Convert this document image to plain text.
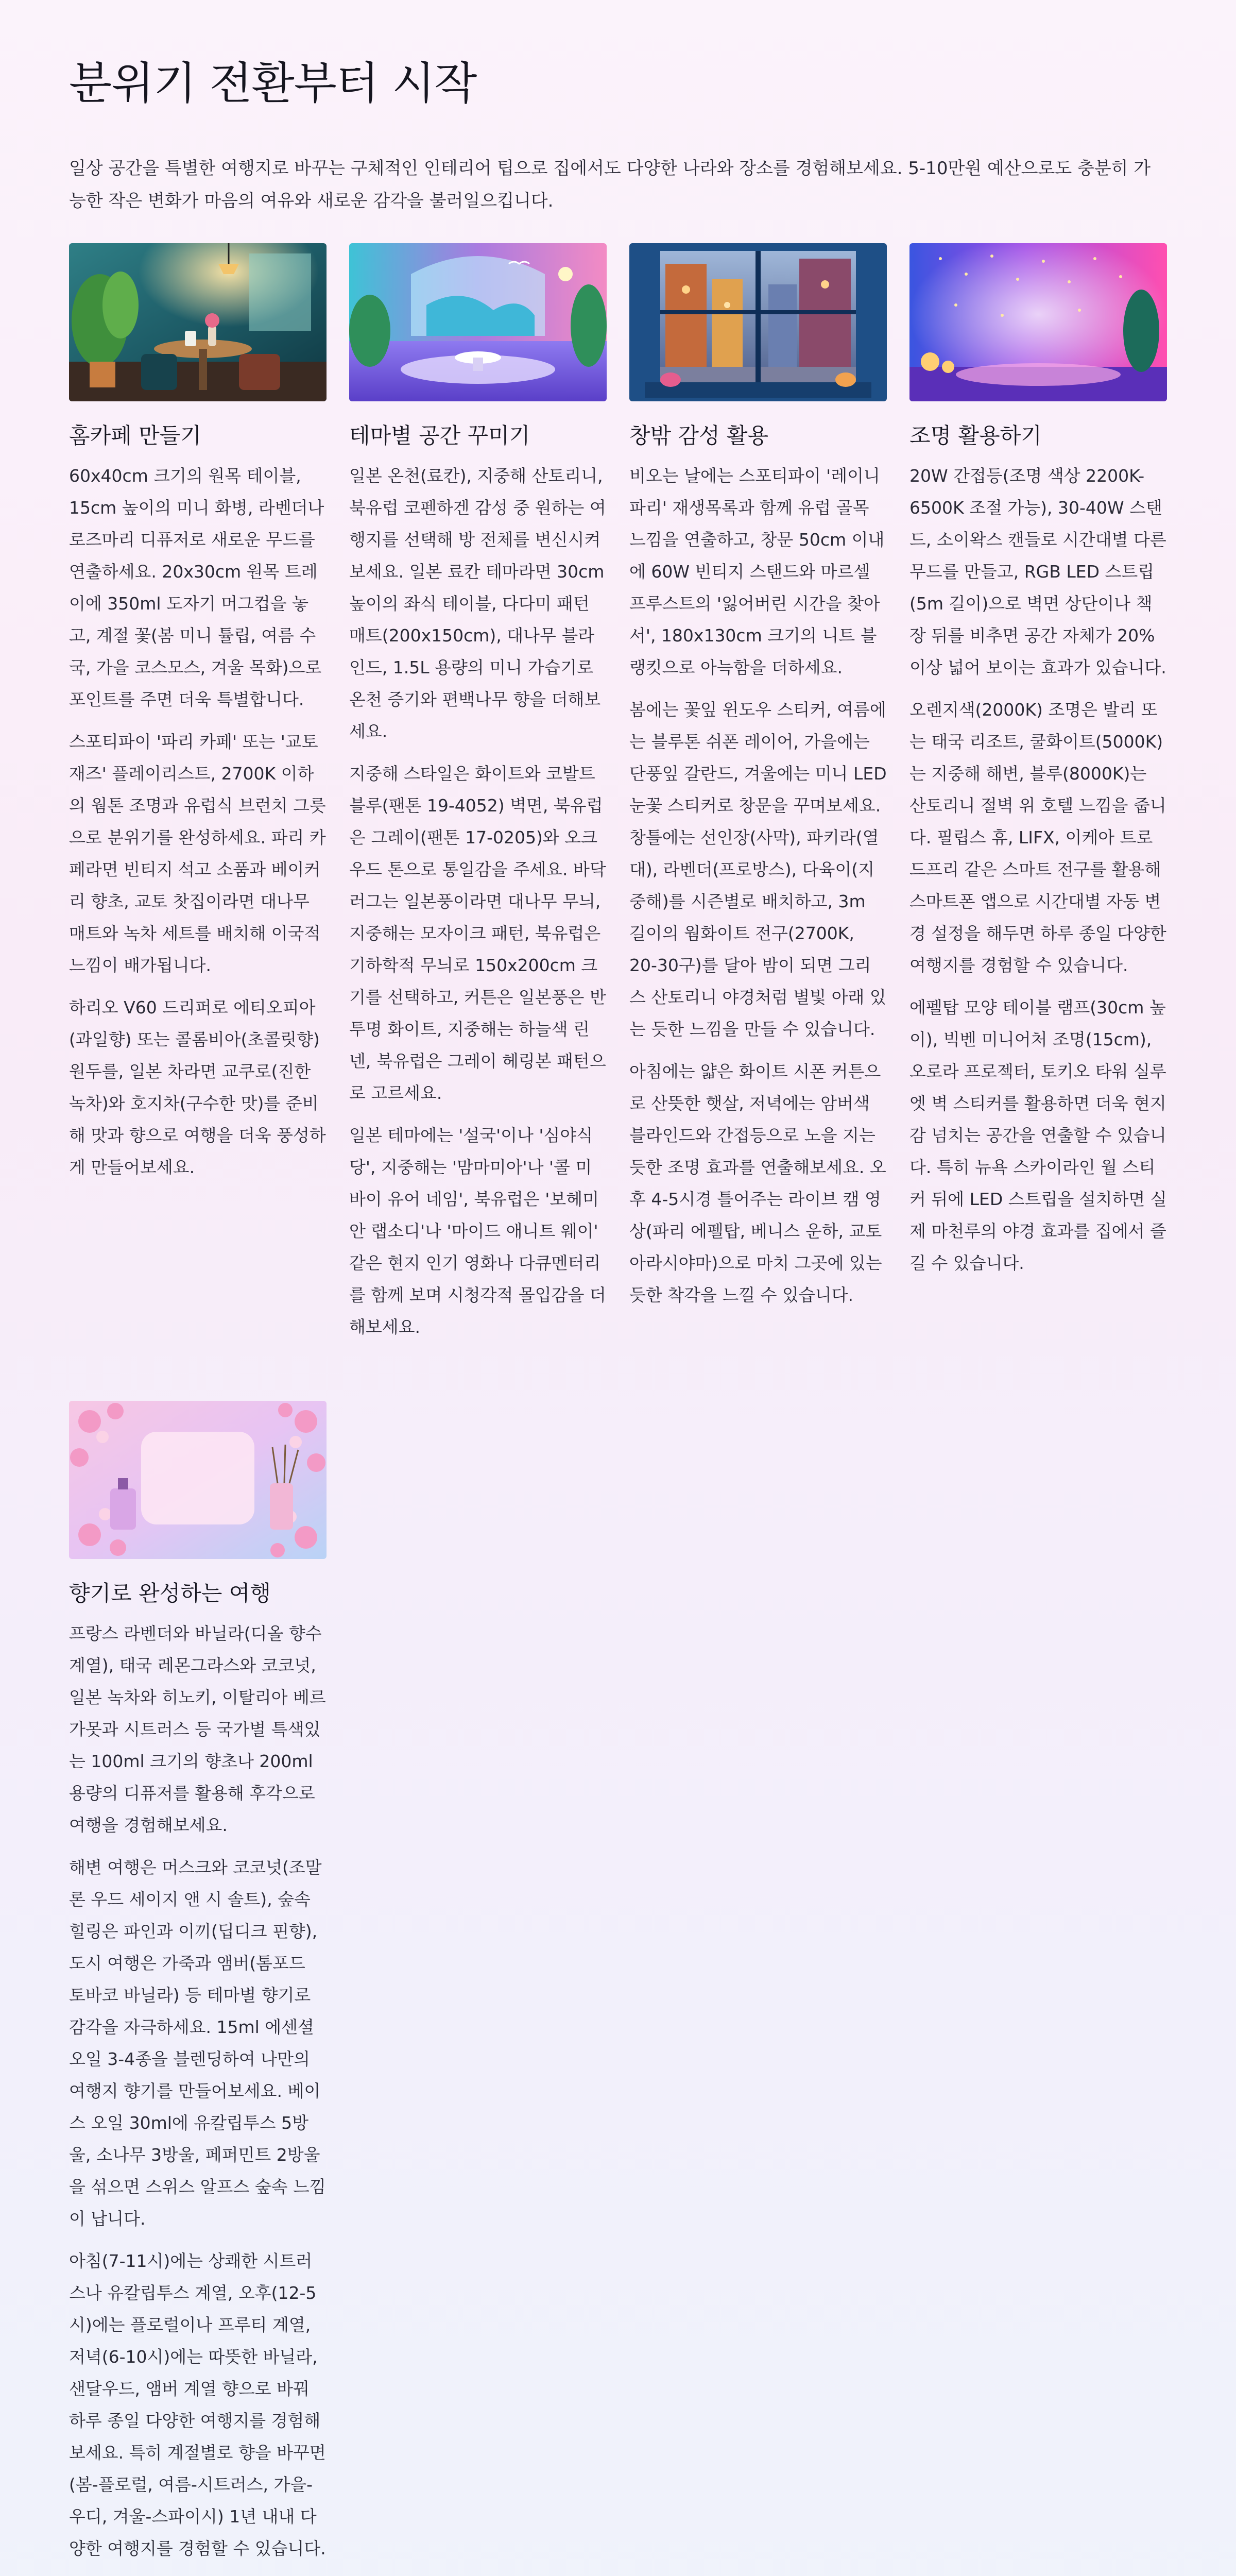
분위기 전환부터 시작

일상 공간을 특별한 여행지로 바꾸는 구체적인 인테리어 팁으로 집에서도 다양한 나라와 장소를 경험해보세요. 5-10만원 예산으로도 충분히 가능한 작은 변화가 마음의 여유와 새로운 감각을 불러일으킵니다.

홈카페 만들기

60x40cm 크기의 원목 테이블, 15cm 높이의 미니 화병, 라벤더나 로즈마리 디퓨저로 새로운 무드를 연출하세요. 20x30cm 원목 트레이에 350ml 도자기 머그컵을 놓고, 계절 꽃(봄 미니 튤립, 여름 수국, 가을 코스모스, 겨울 목화)으로 포인트를 주면 더욱 특별합니다.

스포티파이 '파리 카페' 또는 '교토 재즈' 플레이리스트, 2700K 이하의 웜톤 조명과 유럽식 브런치 그릇으로 분위기를 완성하세요. 파리 카페라면 빈티지 석고 소품과 베이커리 향초, 교토 찻집이라면 대나무 매트와 녹차 세트를 배치해 이국적 느낌이 배가됩니다.

하리오 V60 드리퍼로 에티오피아(과일향) 또는 콜롬비아(초콜릿향) 원두를, 일본 차라면 교쿠로(진한 녹차)와 호지차(구수한 맛)를 준비해 맛과 향으로 여행을 더욱 풍성하게 만들어보세요.

테마별 공간 꾸미기

일본 온천(료칸), 지중해 산토리니, 북유럽 코펜하겐 감성 중 원하는 여행지를 선택해 방 전체를 변신시켜보세요. 일본 료칸 테마라면 30cm 높이의 좌식 테이블, 다다미 패턴 매트(200x150cm), 대나무 블라인드, 1.5L 용량의 미니 가습기로 온천 증기와 편백나무 향을 더해보세요.

지중해 스타일은 화이트와 코발트 블루(팬톤 19-4052) 벽면, 북유럽은 그레이(팬톤 17-0205)와 오크 우드 톤으로 통일감을 주세요. 바닥 러그는 일본풍이라면 대나무 무늬, 지중해는 모자이크 패턴, 북유럽은 기하학적 무늬로 150x200cm 크기를 선택하고, 커튼은 일본풍은 반투명 화이트, 지중해는 하늘색 린넨, 북유럽은 그레이 헤링본 패턴으로 고르세요.

일본 테마에는 '설국'이나 '심야식당', 지중해는 '맘마미아'나 '콜 미 바이 유어 네임', 북유럽은 '보헤미안 랩소디'나 '마이드 애니트 웨이' 같은 현지 인기 영화나 다큐멘터리를 함께 보며 시청각적 몰입감을 더해보세요.

창밖 감성 활용

비오는 날에는 스포티파이 '레이니 파리' 재생목록과 함께 유럽 골목 느낌을 연출하고, 창문 50cm 이내에 60W 빈티지 스탠드와 마르셀 프루스트의 '잃어버린 시간을 찾아서', 180x130cm 크기의 니트 블랭킷으로 아늑함을 더하세요.

봄에는 꽃잎 윈도우 스티커, 여름에는 블루톤 쉬폰 레이어, 가을에는 단풍잎 갈란드, 겨울에는 미니 LED 눈꽃 스티커로 창문을 꾸며보세요. 창틀에는 선인장(사막), 파키라(열대), 라벤더(프로방스), 다육이(지중해)를 시즌별로 배치하고, 3m 길이의 웜화이트 전구(2700K, 20-30구)를 달아 밤이 되면 그리스 산토리니 야경처럼 별빛 아래 있는 듯한 느낌을 만들 수 있습니다.

아침에는 얇은 화이트 시폰 커튼으로 산뜻한 햇살, 저녁에는 암버색 블라인드와 간접등으로 노을 지는 듯한 조명 효과를 연출해보세요. 오후 4-5시경 틀어주는 라이브 캠 영상(파리 에펠탑, 베니스 운하, 교토 아라시야마)으로 마치 그곳에 있는 듯한 착각을 느낄 수 있습니다.

조명 활용하기

20W 간접등(조명 색상 2200K-6500K 조절 가능), 30-40W 스탠드, 소이왁스 캔들로 시간대별 다른 무드를 만들고, RGB LED 스트립(5m 길이)으로 벽면 상단이나 책장 뒤를 비추면 공간 자체가 20% 이상 넓어 보이는 효과가 있습니다.

오렌지색(2000K) 조명은 발리 또는 태국 리조트, 쿨화이트(5000K)는 지중해 해변, 블루(8000K)는 산토리니 절벽 위 호텔 느낌을 줍니다. 필립스 휴, LIFX, 이케아 트로드프리 같은 스마트 전구를 활용해 스마트폰 앱으로 시간대별 자동 변경 설정을 해두면 하루 종일 다양한 여행지를 경험할 수 있습니다.

에펠탑 모양 테이블 램프(30cm 높이), 빅벤 미니어처 조명(15cm), 오로라 프로젝터, 토키오 타워 실루엣 벽 스티커를 활용하면 더욱 현지감 넘치는 공간을 연출할 수 있습니다. 특히 뉴욕 스카이라인 월 스티커 뒤에 LED 스트립을 설치하면 실제 마천루의 야경 효과를 집에서 즐길 수 있습니다.

향기로 완성하는 여행

프랑스 라벤더와 바닐라(디올 향수 계열), 태국 레몬그라스와 코코넛, 일본 녹차와 히노키, 이탈리아 베르가못과 시트러스 등 국가별 특색있는 100ml 크기의 향초나 200ml 용량의 디퓨저를 활용해 후각으로 여행을 경험해보세요.

해변 여행은 머스크와 코코넛(조말론 우드 세이지 앤 시 솔트), 숲속 힐링은 파인과 이끼(딥디크 핀향), 도시 여행은 가죽과 앰버(톰포드 토바코 바닐라) 등 테마별 향기로 감각을 자극하세요. 15ml 에센셜 오일 3-4종을 블렌딩하여 나만의 여행지 향기를 만들어보세요. 베이스 오일 30ml에 유칼립투스 5방울, 소나무 3방울, 페퍼민트 2방울을 섞으면 스위스 알프스 숲속 느낌이 납니다.

아침(7-11시)에는 상쾌한 시트러스나 유칼립투스 계열, 오후(12-5시)에는 플로럴이나 프루티 계열, 저녁(6-10시)에는 따뜻한 바닐라, 샌달우드, 앰버 계열 향으로 바꿔 하루 종일 다양한 여행지를 경험해보세요. 특히 계절별로 향을 바꾸면(봄-플로럴, 여름-시트러스, 가을-우디, 겨울-스파이시) 1년 내내 다양한 여행지를 경험할 수 있습니다.
